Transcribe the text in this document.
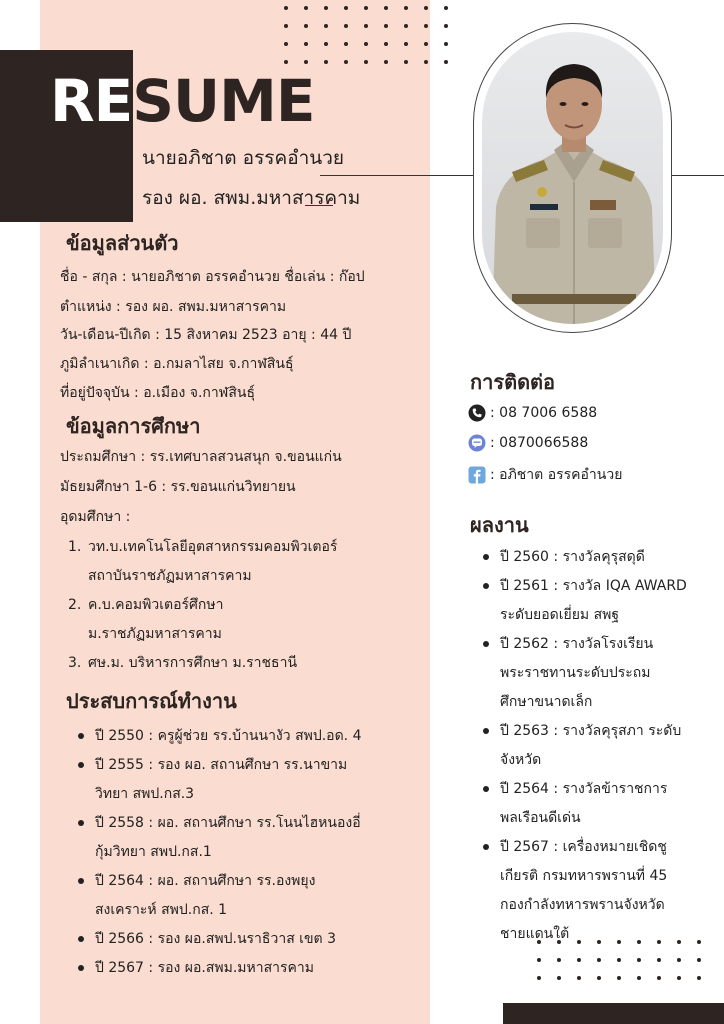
RESUME
นายอภิชาต อรรคอำนวย
รอง ผอ. สพม.มหาสารคาม
ข้อมูลส่วนตัว
ชื่อ - สกุล : นายอภิชาต อรรคอำนวย ชื่อเล่น : ก๊อป
ตำแหน่ง : รอง ผอ. สพม.มหาสารคาม
วัน-เดือน-ปีเกิด : 15 สิงหาคม 2523 อายุ : 44 ปี
ภูมิลำเนาเกิด : อ.กมลาไสย จ.กาฬสินธุ์
ที่อยู่ปัจจุบัน : อ.เมือง จ.กาฬสินธุ์
ข้อมูลการศึกษา
ประถมศึกษา : รร.เทศบาลสวนสนุก จ.ขอนแก่น
มัธยมศึกษา 1-6 : รร.ขอนแก่นวิทยายน
อุดมศึกษา :
1. วท.บ.เทคโนโลยีอุตสาหกรรมคอมพิวเตอร์
สถาบันราชภัฏมหาสารคาม
2. ค.บ.คอมพิวเตอร์ศึกษา
ม.ราชภัฏมหาสารคาม
3. ศษ.ม. บริหารการศึกษา ม.ราชธานี
ประสบการณ์ทำงาน
ปี 2550 : ครูผู้ช่วย รร.บ้านนางัว สพป.อด. 4
ปี 2555 : รอง ผอ. สถานศึกษา รร.นาขาม
วิทยา สพป.กส.3
ปี 2558 : ผอ. สถานศึกษา รร.โนนไฮหนองอี่
กุ้มวิทยา สพป.กส.1
ปี 2564 : ผอ. สถานศึกษา รร.องพยุง
สงเคราะห์ สพป.กส. 1
ปี 2566 : รอง ผอ.สพป.นราธิวาส เขต 3
ปี 2567 : รอง ผอ.สพม.มหาสารคาม
การติดต่อ
: 08 7006 6588
: 0870066588
: อภิชาต อรรคอำนวย
ผลงาน
ปี 2560 : รางวัลคุรุสดุดี
ปี 2561 : รางวัล IQA AWARD
ระดับยอดเยี่ยม สพฐ
ปี 2562 : รางวัลโรงเรียน
พระราชทานระดับประถม
ศึกษาขนาดเล็ก
ปี 2563 : รางวัลคุรุสภา ระดับ
จังหวัด
ปี 2564 : รางวัลข้าราชการ
พลเรือนดีเด่น
ปี 2567 : เครื่องหมายเชิดชู
เกียรติ กรมทหารพรานที่ 45
กองกำลังทหารพรานจังหวัด
ชายแดนใต้
